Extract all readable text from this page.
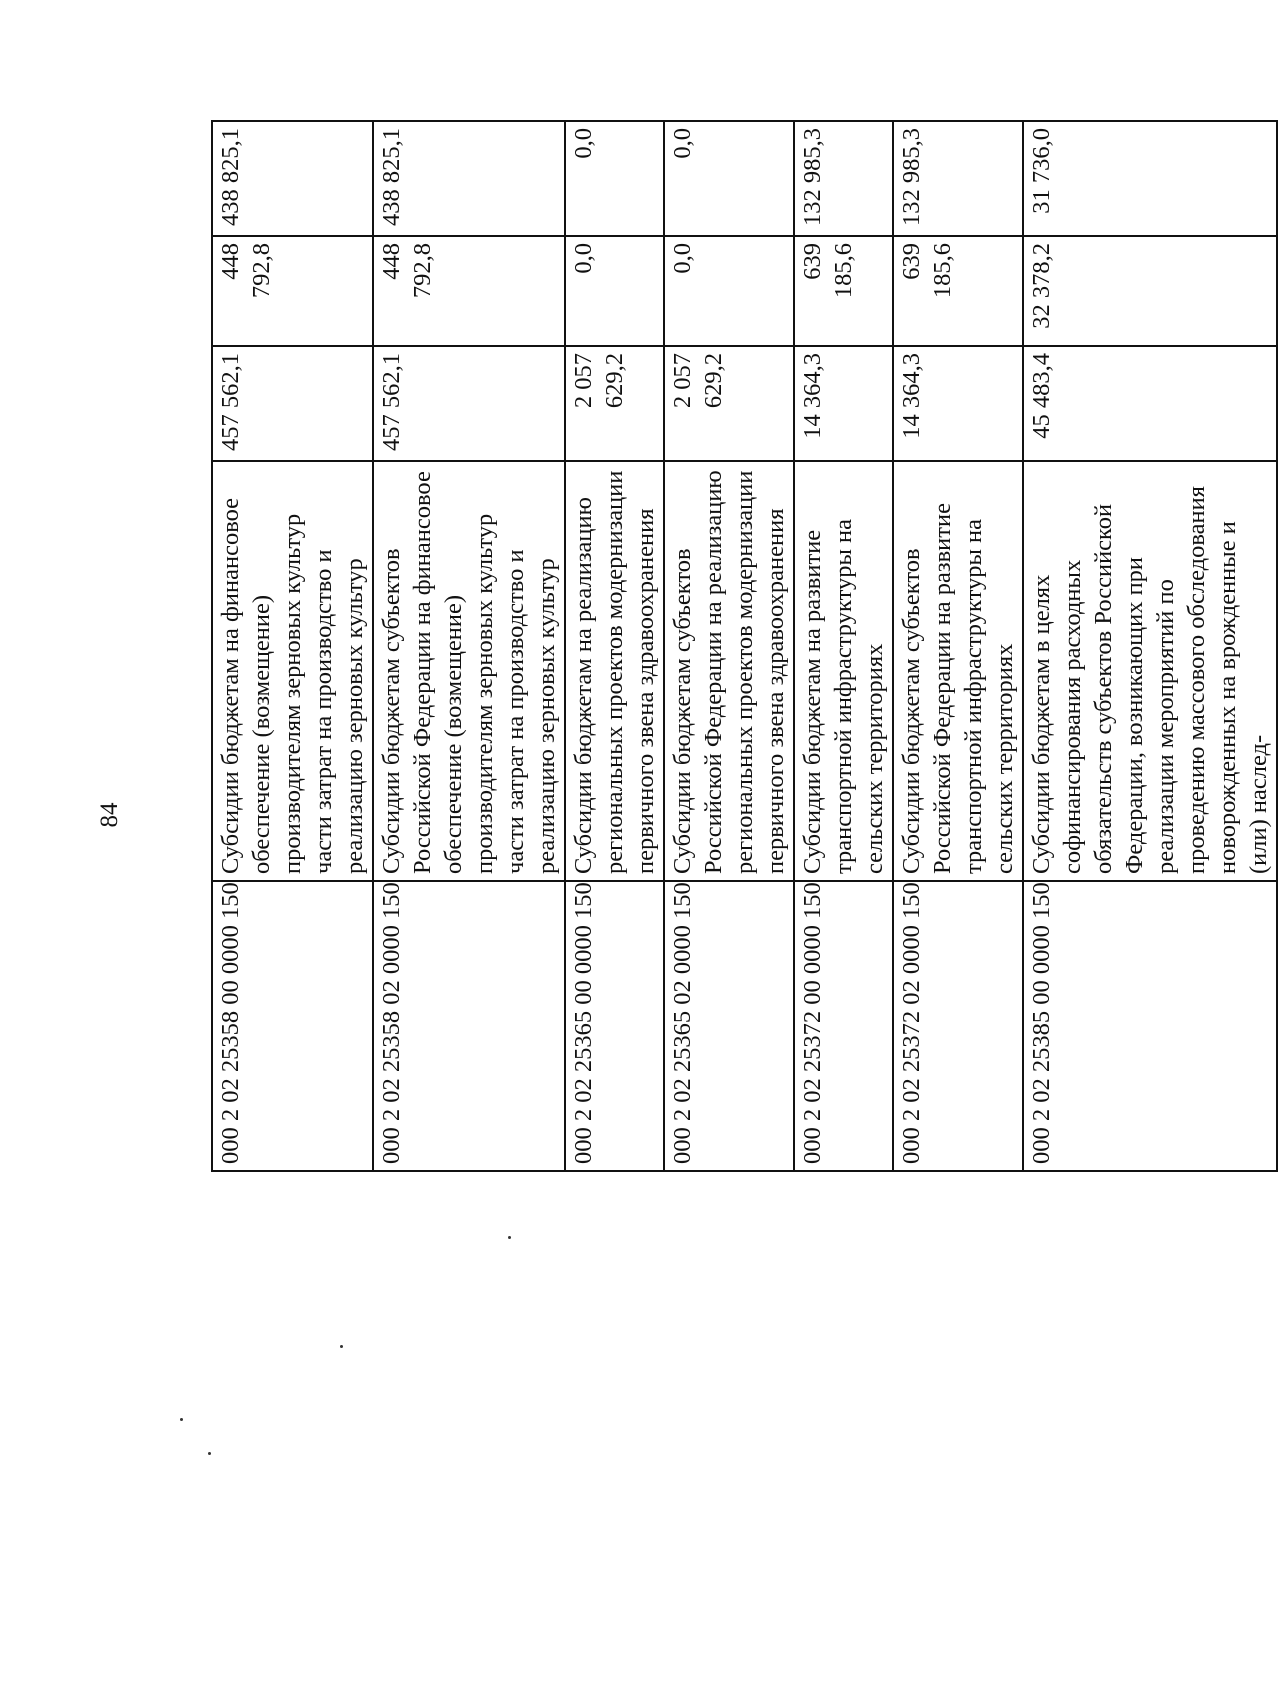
84
000 2 02 25358 00 0000 150	Субсидии бюджетам на финансовое обеспечение (возмещение) производителям зерновых культур части затрат на производство и реализацию зерновых культур	457 562,1	448 792,8	438 825,1
000 2 02 25358 02 0000 150	Субсидии бюджетам субъектов Российской Федерации на финансовое обеспечение (возмещение) производителям зерновых культур части затрат на производство и реализацию зерновых культур	457 562,1	448 792,8	438 825,1
000 2 02 25365 00 0000 150	Субсидии бюджетам на реализацию региональных проектов модернизации первичного звена здравоохранения	2 057 629,2	0,0	0,0
000 2 02 25365 02 0000 150	Субсидии бюджетам субъектов Российской Федерации на реализацию региональных проектов модернизации первичного звена здравоохранения	2 057 629,2	0,0	0,0
000 2 02 25372 00 0000 150	Субсидии бюджетам на развитие транспортной инфраструктуры на сельских территориях	14 364,3	639 185,6	132 985,3
000 2 02 25372 02 0000 150	Субсидии бюджетам субъектов Российской Федерации на развитие транспортной инфраструктуры на сельских территориях	14 364,3	639 185,6	132 985,3
000 2 02 25385 00 0000 150	Субсидии бюджетам в целях софинансирования расходных обязательств субъектов Российской Федерации, возникающих при реализации мероприятий по проведению массового обследования новорожденных на врожденные и (или) наслед-	45 483,4	32 378,2	31 736,0
